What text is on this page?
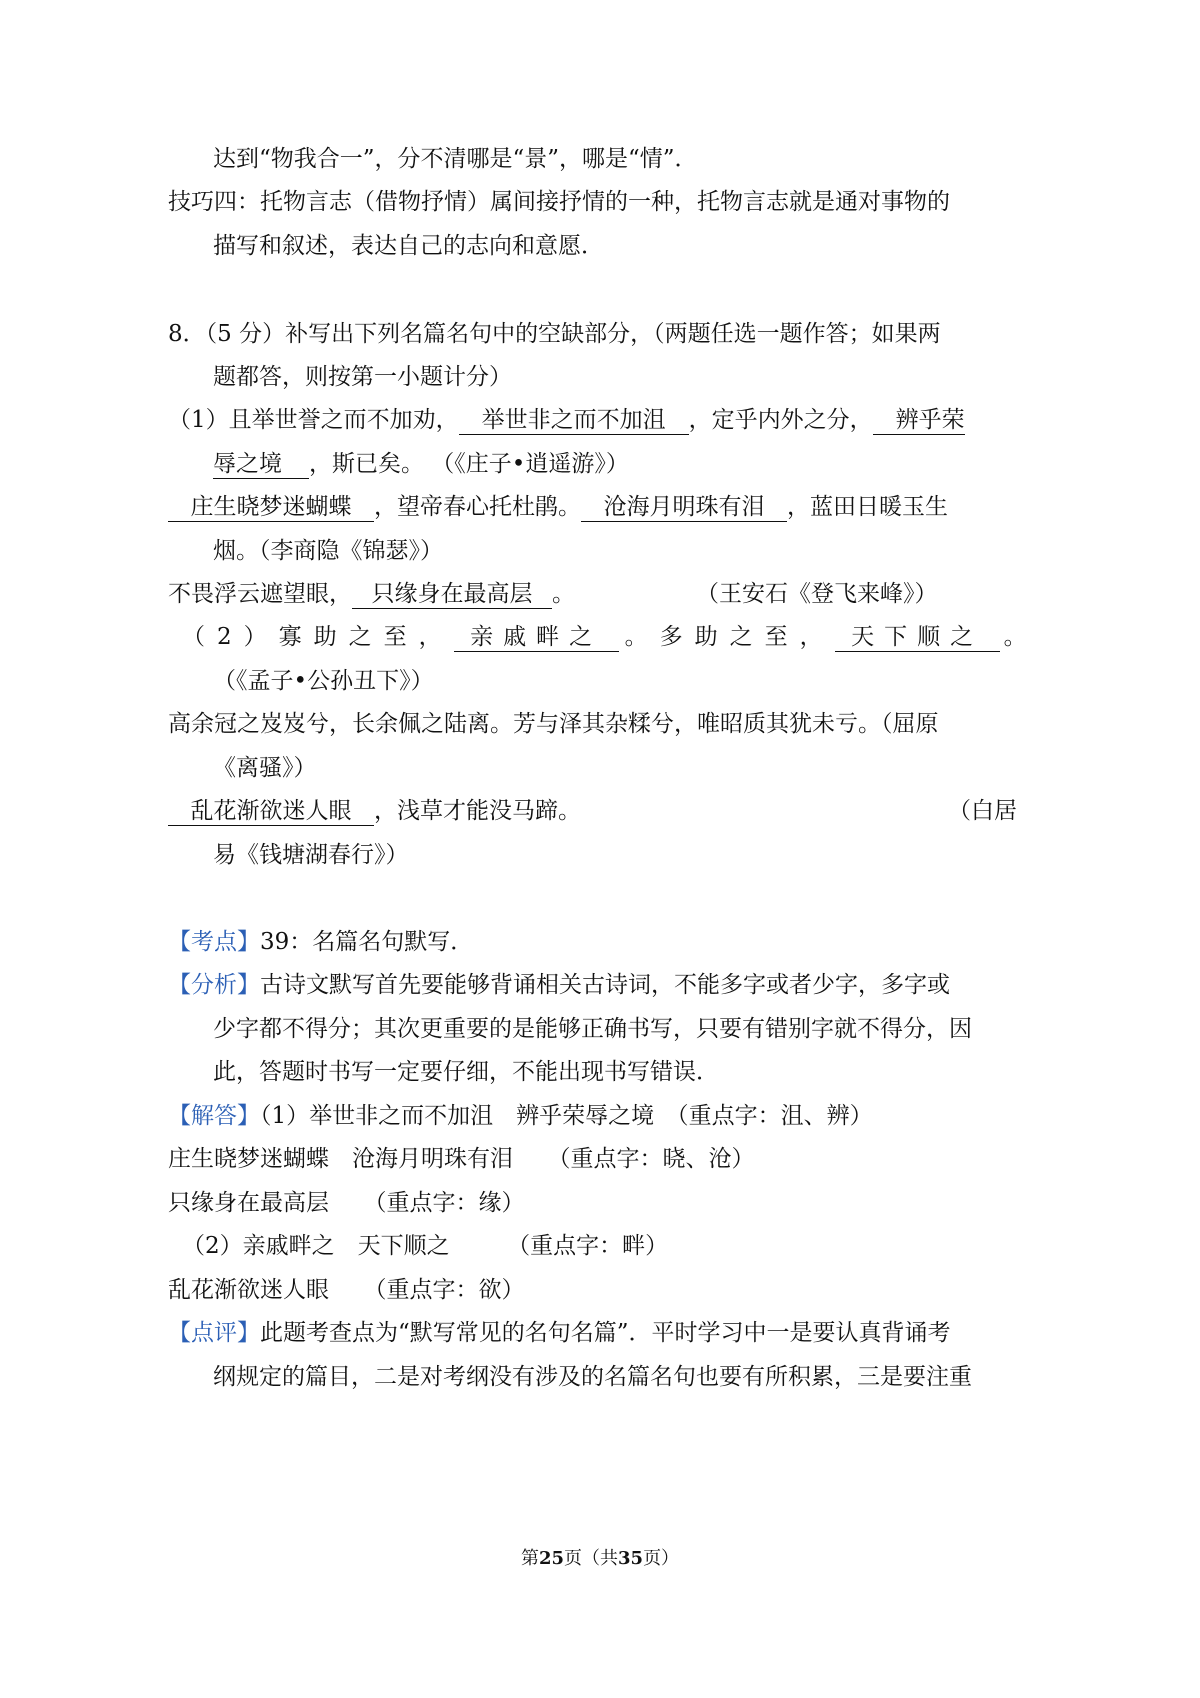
达到“物我合一”，分不清哪是“景”，哪是“情”．
技巧四：托物言志（借物抒情）属间接抒情的一种，托物言志就是通对事物的
描写和叙述，表达自己的志向和意愿．
8．（5 分）补写出下列名篇名句中的空缺部分，（两题任选一题作答；如果两
题都答，则按第一小题计分）
（1）且举世誉之而不加劝， 举世非之而不加沮 ，定乎内外之分， 辨乎荣
辱之境 ，斯已矣。 （《庄子•逍遥游》）
庄生晓梦迷蝴蝶 ，望帝春心托杜鹃。 沧海月明珠有泪 ，蓝田日暖玉生
烟。（李商隐《锦瑟》）
不畏浮云遮望眼， 只缘身在最高层 。	（王安石《登飞来峰》）
（2）寡助之至， 亲戚畔之 。多助之至， 天下顺之 。
（《孟子•公孙丑下》）
高余冠之岌岌兮，长余佩之陆离。芳与泽其杂糅兮，唯昭质其犹未亏。（屈原
《离骚》）
乱花渐欲迷人眼 ，浅草才能没马蹄。	（白居
易《钱塘湖春行》）
【考点】39：名篇名句默写．
【分析】古诗文默写首先要能够背诵相关古诗词，不能多字或者少字，多字或
少字都不得分；其次更重要的是能够正确书写，只要有错别字就不得分，因
此，答题时书写一定要仔细，不能出现书写错误．
【解答】（1）举世非之而不加沮　辨乎荣辱之境　（重点字：沮、辨）
庄生晓梦迷蝴蝶　沧海月明珠有泪　　（重点字：晓、沧）
只缘身在最高层　　（重点字：缘）
（2）亲戚畔之　天下顺之　　　（重点字：畔）
乱花渐欲迷人眼　　（重点字：欲）
【点评】此题考查点为“默写常见的名句名篇”．平时学习中一是要认真背诵考
纲规定的篇目，二是对考纲没有涉及的名篇名句也要有所积累，三是要注重
第25页（共35页）
